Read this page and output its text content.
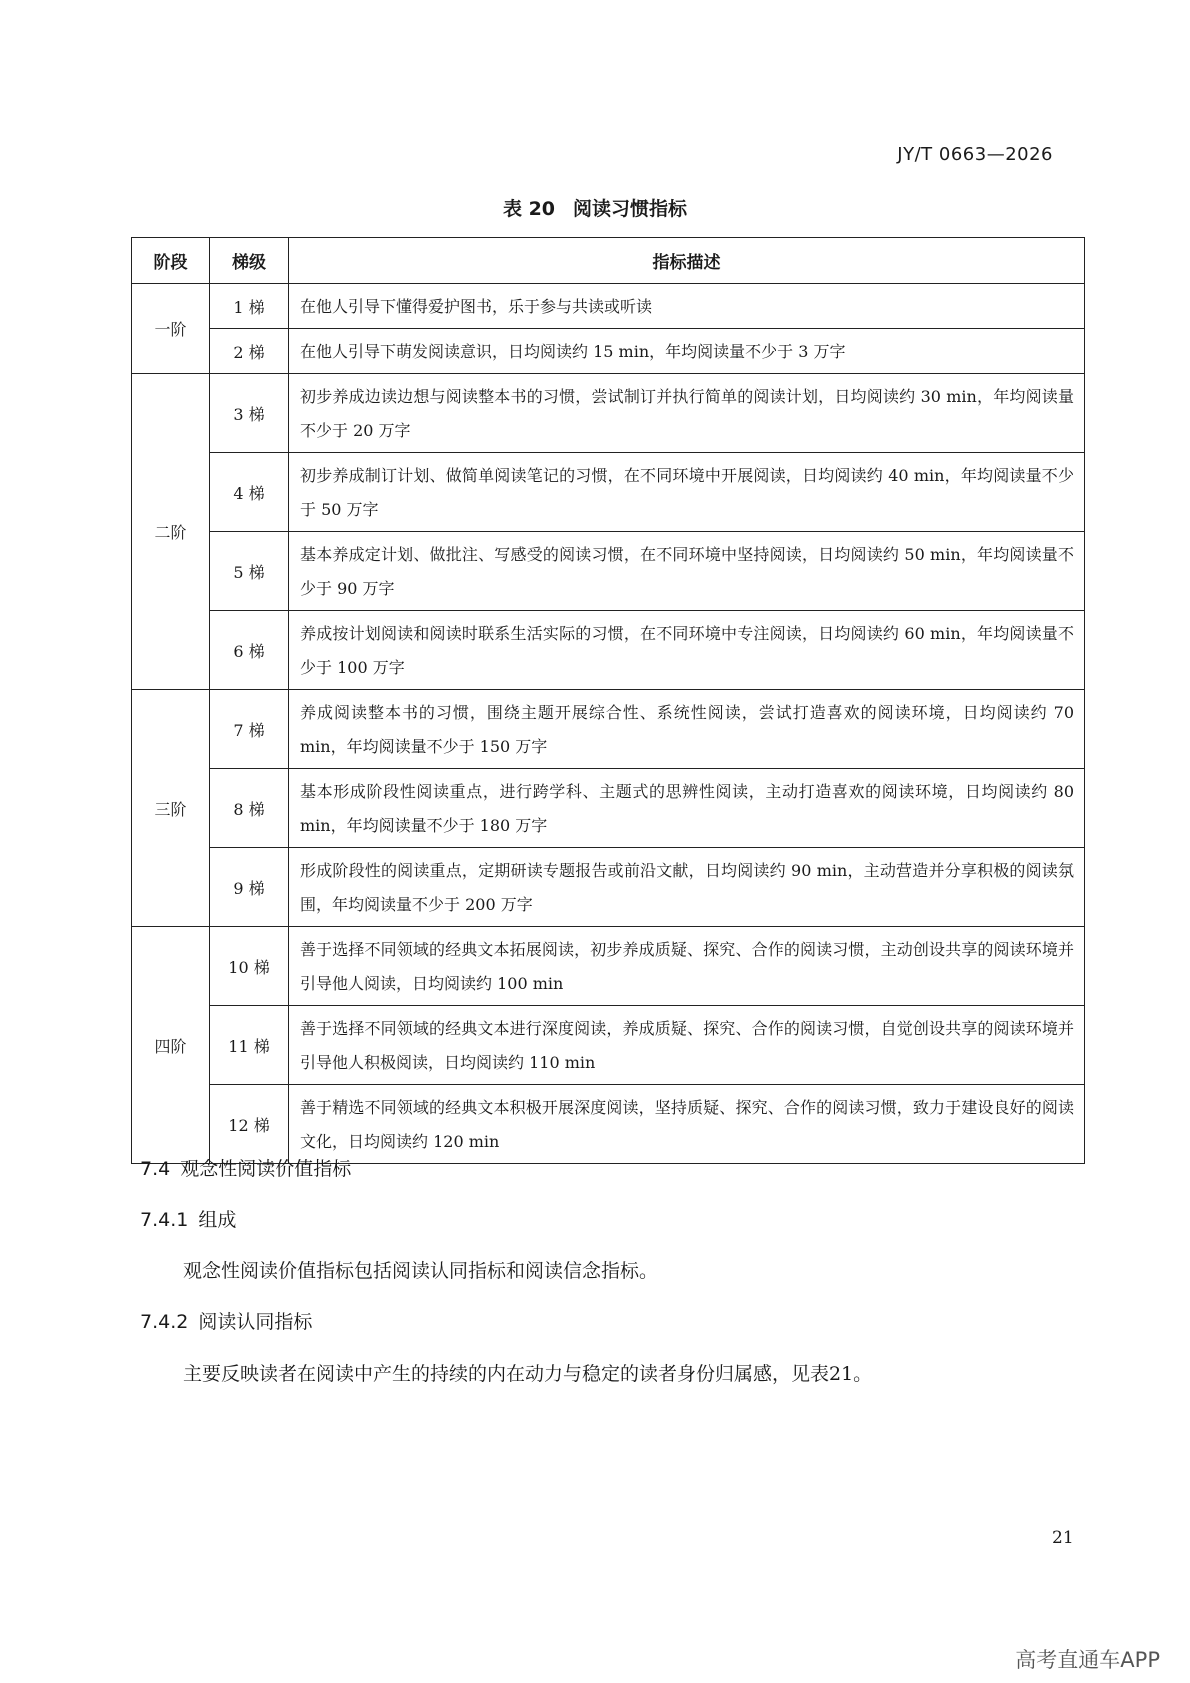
JY/T 0663—2026
表 20 阅读习惯指标
阶段	梯级	指标描述
一阶	1 梯	在他人引导下懂得爱护图书，乐于参与共读或听读
	2 梯	在他人引导下萌发阅读意识，日均阅读约 15 min，年均阅读量不少于 3 万字
二阶	3 梯	初步养成边读边想与阅读整本书的习惯，尝试制订并执行简单的阅读计划，日均阅读约 30 min，年均阅读量不少于 20 万字
	4 梯	初步养成制订计划、做简单阅读笔记的习惯，在不同环境中开展阅读，日均阅读约 40 min，年均阅读量不少于 50 万字
	5 梯	基本养成定计划、做批注、写感受的阅读习惯，在不同环境中坚持阅读，日均阅读约 50 min，年均阅读量不少于 90 万字
	6 梯	养成按计划阅读和阅读时联系生活实际的习惯，在不同环境中专注阅读，日均阅读约 60 min，年均阅读量不少于 100 万字
三阶	7 梯	养成阅读整本书的习惯，围绕主题开展综合性、系统性阅读，尝试打造喜欢的阅读环境，日均阅读约 70 min，年均阅读量不少于 150 万字
	8 梯	基本形成阶段性阅读重点，进行跨学科、主题式的思辨性阅读，主动打造喜欢的阅读环境，日均阅读约 80 min，年均阅读量不少于 180 万字
	9 梯	形成阶段性的阅读重点，定期研读专题报告或前沿文献，日均阅读约 90 min，主动营造并分享积极的阅读氛围，年均阅读量不少于 200 万字
四阶	10 梯	善于选择不同领域的经典文本拓展阅读，初步养成质疑、探究、合作的阅读习惯，主动创设共享的阅读环境并引导他人阅读，日均阅读约 100 min
	11 梯	善于选择不同领域的经典文本进行深度阅读，养成质疑、探究、合作的阅读习惯，自觉创设共享的阅读环境并引导他人积极阅读，日均阅读约 110 min
	12 梯	善于精选不同领域的经典文本积极开展深度阅读，坚持质疑、探究、合作的阅读习惯，致力于建设良好的阅读文化，日均阅读约 120 min
7.4 观念性阅读价值指标
7.4.1 组成
观念性阅读价值指标包括阅读认同指标和阅读信念指标。
7.4.2 阅读认同指标
主要反映读者在阅读中产生的持续的内在动力与稳定的读者身份归属感，见表21。
21
高考直通车APP
